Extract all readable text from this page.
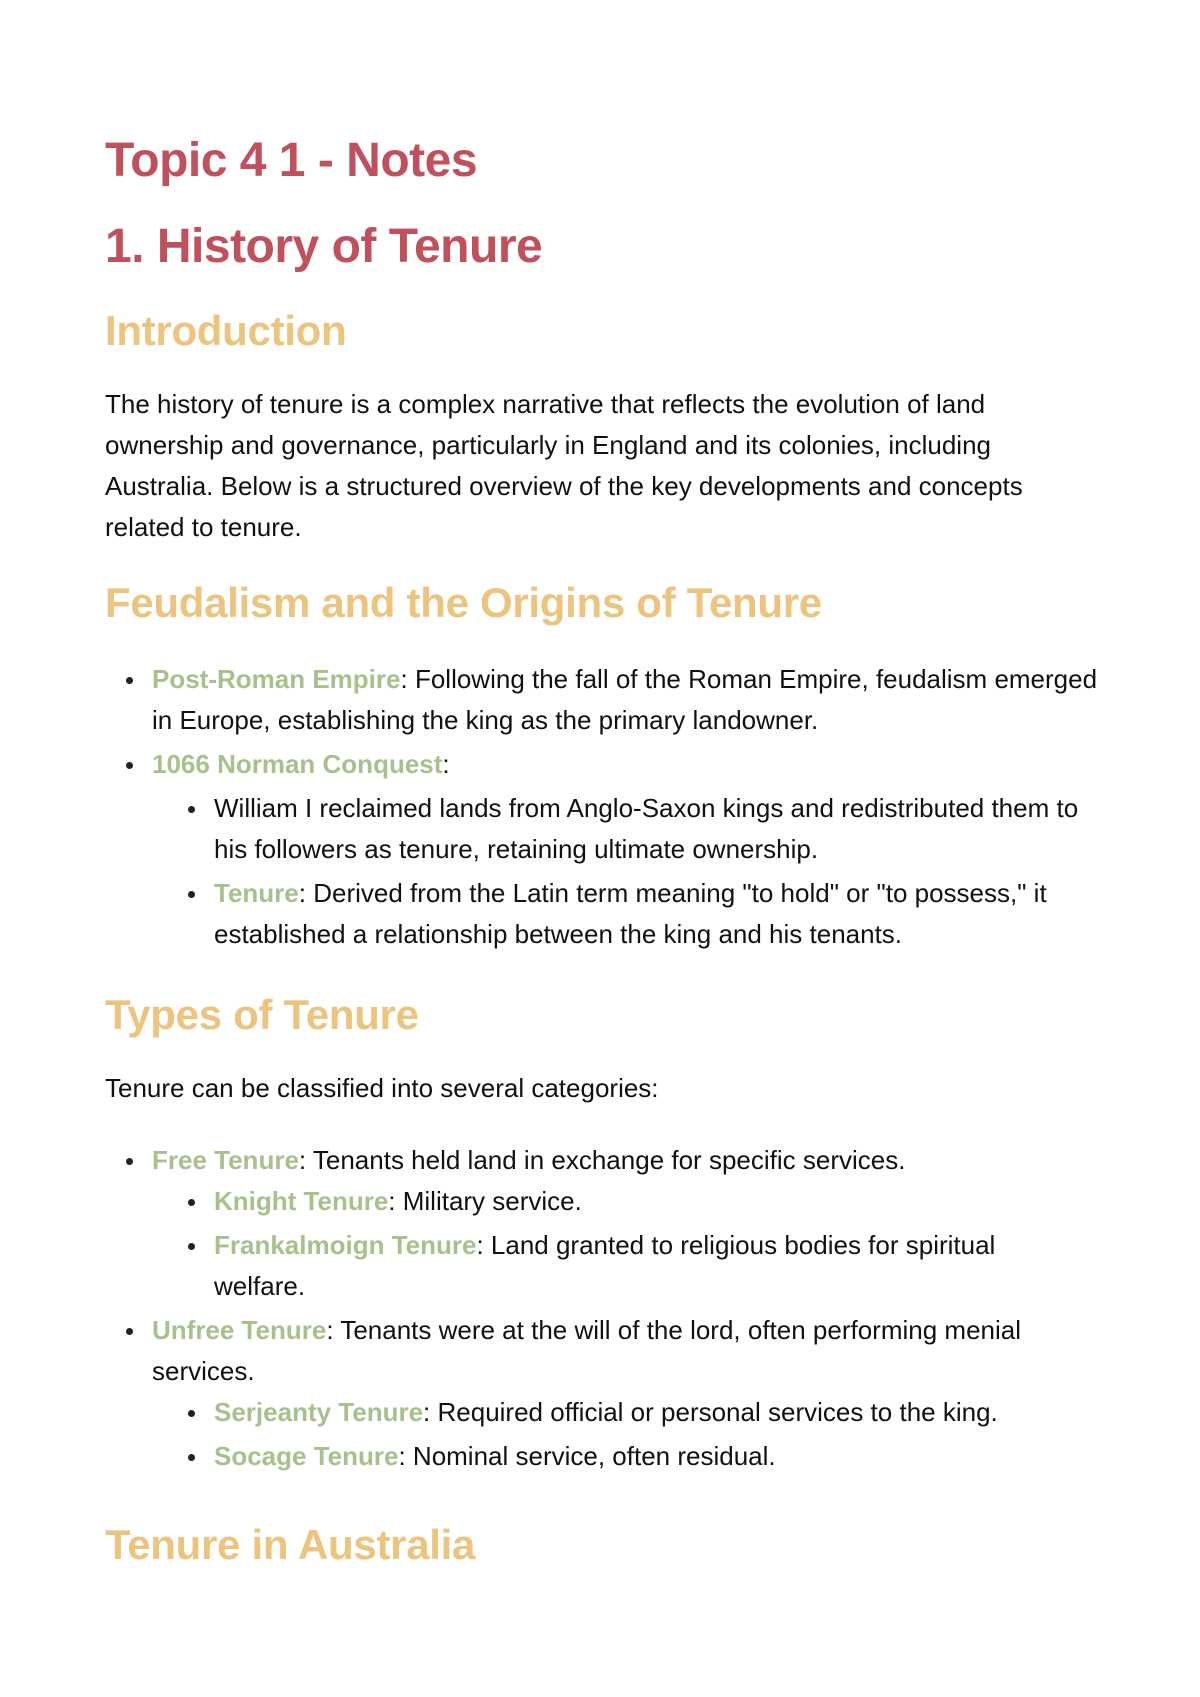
Topic 4 1 - Notes
1. History of Tenure
Introduction

The history of tenure is a complex narrative that reflects the evolution of land ownership and governance, particularly in England and its colonies, including Australia. Below is a structured overview of the key developments and concepts related to tenure.

Feudalism and the Origins of Tenure
Post-Roman Empire: Following the fall of the Roman Empire, feudalism emerged in Europe, establishing the king as the primary landowner.
1066 Norman Conquest:
William I reclaimed lands from Anglo-Saxon kings and redistributed them to his followers as tenure, retaining ultimate ownership.
Tenure: Derived from the Latin term meaning "to hold" or "to possess," it established a relationship between the king and his tenants.
Types of Tenure

Tenure can be classified into several categories:

Free Tenure: Tenants held land in exchange for specific services.
Knight Tenure: Military service.
Frankalmoign Tenure: Land granted to religious bodies for spiritual welfare.
Unfree Tenure: Tenants were at the will of the lord, often performing menial services.
Serjeanty Tenure: Required official or personal services to the king.
Socage Tenure: Nominal service, often residual.
Tenure in Australia
